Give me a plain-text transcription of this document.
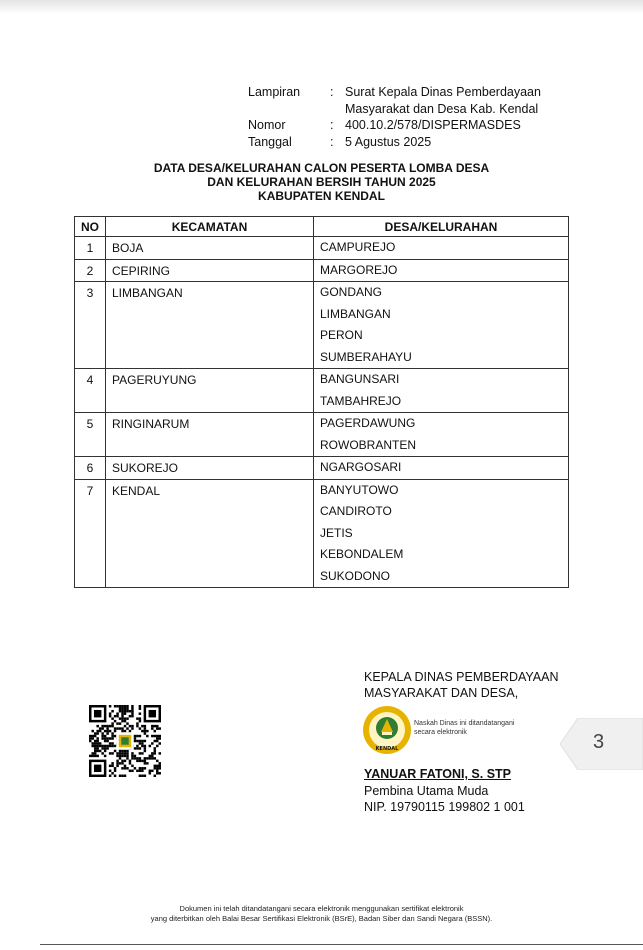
Lampiran	: Surat Kepala Dinas Pemberdayaan
Masyarakat dan Desa Kab. Kendal
Nomor	: 400.10.2/578/DISPERMASDES
Tanggal	: 5 Agustus 2025
DATA DESA/KELURAHAN CALON PESERTA LOMBA DESA
DAN KELURAHAN BERSIH TAHUN 2025
KABUPATEN KENDAL
NO	KECAMATAN	DESA/KELURAHAN
1	BOJA	CAMPUREJO

2	CEPIRING	MARGOREJO

3	LIMBANGAN	GONDANG
LIMBANGAN
PERON
SUMBERAHAYU

4	PAGERUYUNG	BANGUNSARI
TAMBAHREJO

5	RINGINARUM	PAGERDAWUNG
ROWOBRANTEN

6	SUKOREJO	NGARGOSARI

7	KENDAL	BANYUTOWO
CANDIROTO
JETIS
KEBONDALEM
SUKODONO
KEPALA DINAS PEMBERDAYAAN
MASYARAKAT DAN DESA,
KENDAL
Naskah Dinas ini ditandatangani
secara elektronik
YANUAR FATONI, S. STP
Pembina Utama Muda
NIP. 19790115 199802 1 001
3
Dokumen ini telah ditandatangani secara elektronik menggunakan sertifikat elektronik
yang diterbitkan oleh Balai Besar Sertifikasi Elektronik (BSrE), Badan Siber dan Sandi Negara (BSSN).
